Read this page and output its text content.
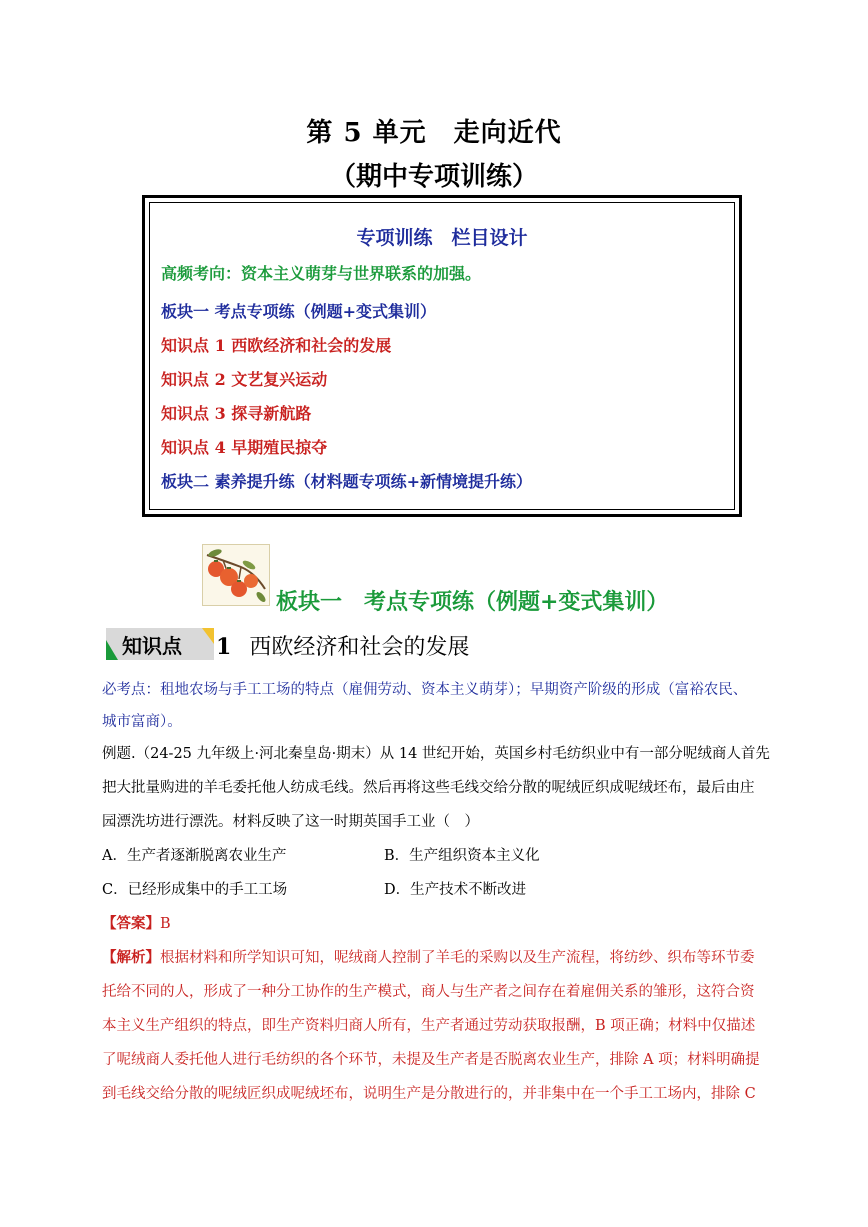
第 5 单元　走向近代
（期中专项训练）
专项训练　栏目设计
高频考向：资本主义萌芽与世界联系的加强。
板块一 考点专项练（例题+变式集训）
知识点 1 西欧经济和社会的发展
知识点 2 文艺复兴运动
知识点 3 探寻新航路
知识点 4 早期殖民掠夺
板块二 素养提升练（材料题专项练+新情境提升练）
板块一　考点专项练（例题+变式集训）
知识点 1 西欧经济和社会的发展
必考点：租地农场与手工工场的特点（雇佣劳动、资本主义萌芽）；早期资产阶级的形成（富裕农民、
城市富商）。
例题.（24-25 九年级上·河北秦皇岛·期末）从 14 世纪开始，英国乡村毛纺织业中有一部分呢绒商人首先
把大批量购进的羊毛委托他人纺成毛线。然后再将这些毛线交给分散的呢绒匠织成呢绒坯布，最后由庄
园漂洗坊进行漂洗。材料反映了这一时期英国手工业（　）
A．生产者逐渐脱离农业生产	B．生产组织资本主义化
C．已经形成集中的手工工场	D．生产技术不断改进
【答案】B
【解析】根据材料和所学知识可知，呢绒商人控制了羊毛的采购以及生产流程，将纺纱、织布等环节委
托给不同的人，形成了一种分工协作的生产模式，商人与生产者之间存在着雇佣关系的雏形，这符合资
本主义生产组织的特点，即生产资料归商人所有，生产者通过劳动获取报酬，B 项正确；材料中仅描述
了呢绒商人委托他人进行毛纺织的各个环节，未提及生产者是否脱离农业生产，排除 A 项；材料明确提
到毛线交给分散的呢绒匠织成呢绒坯布，说明生产是分散进行的，并非集中在一个手工工场内，排除 C
